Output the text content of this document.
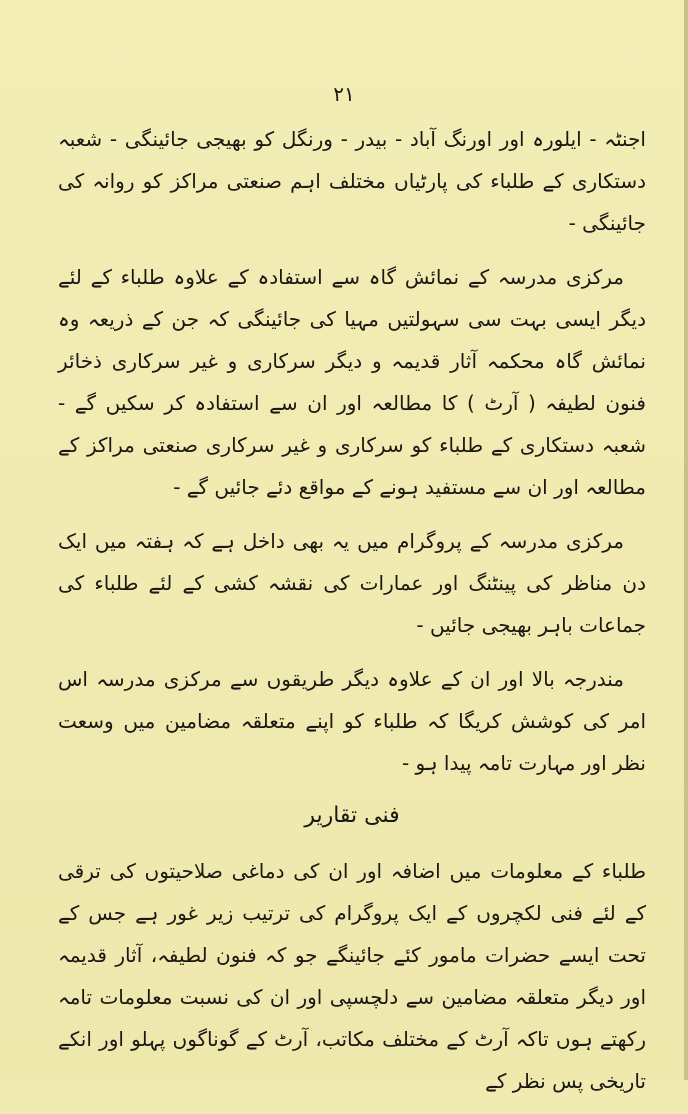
٢١

اجنٹہ - ایلورہ اور اورنگ آباد - بیدر - ورنگل کو بھیجی جائینگی - شعبہ دستکاری کے طلباء کی پارٹیاں مختلف اہم صنعتی مراکز کو روانہ کی جائینگی -

مرکزی مدرسہ کے نمائش گاہ سے استفادہ کے علاوہ طلباء کے لئے دیگر ایسی بہت سی سہولتیں مہیا کی جائینگی کہ جن کے ذریعہ وہ نمائش گاہ محکمہ آثار قدیمہ و دیگر سرکاری و غیر سرکاری ذخائر فنون لطیفہ ( آرٹ ) کا مطالعہ اور ان سے استفادہ کر سکیں گے - شعبہ دستکاری کے طلباء کو سرکاری و غیر سرکاری صنعتی مراکز کے مطالعہ اور ان سے مستفید ہونے کے مواقع دئے جائیں گے -

مرکزی مدرسہ کے پروگرام میں یہ بھی داخل ہے کہ ہفتہ میں ایک دن مناظر کی پینٹنگ اور عمارات کی نقشہ کشی کے لئے طلباء کی جماعات باہر بھیجی جائیں -

مندرجہ بالا اور ان کے علاوہ دیگر طریقوں سے مرکزی مدرسہ اس امر کی کوشش کریگا کہ طلباء کو اپنے متعلقہ مضامین میں وسعت نظر اور مہارت تامہ پیدا ہو -

فنی تقاریر

طلباء کے معلومات میں اضافہ اور ان کی دماغی صلاحیتوں کی ترقی کے لئے فنی لکچروں کے ایک پروگرام کی ترتیب زیر غور ہے جس کے تحت ایسے حضرات مامور کئے جائینگے جو کہ فنون لطیفہ، آثار قدیمہ اور دیگر متعلقہ مضامین سے دلچسپی اور ان کی نسبت معلومات تامہ رکھتے ہوں تاکہ آرٹ کے مختلف مکاتب، آرٹ کے گوناگوں پہلو اور انکے تاریخی پس نظر کے
